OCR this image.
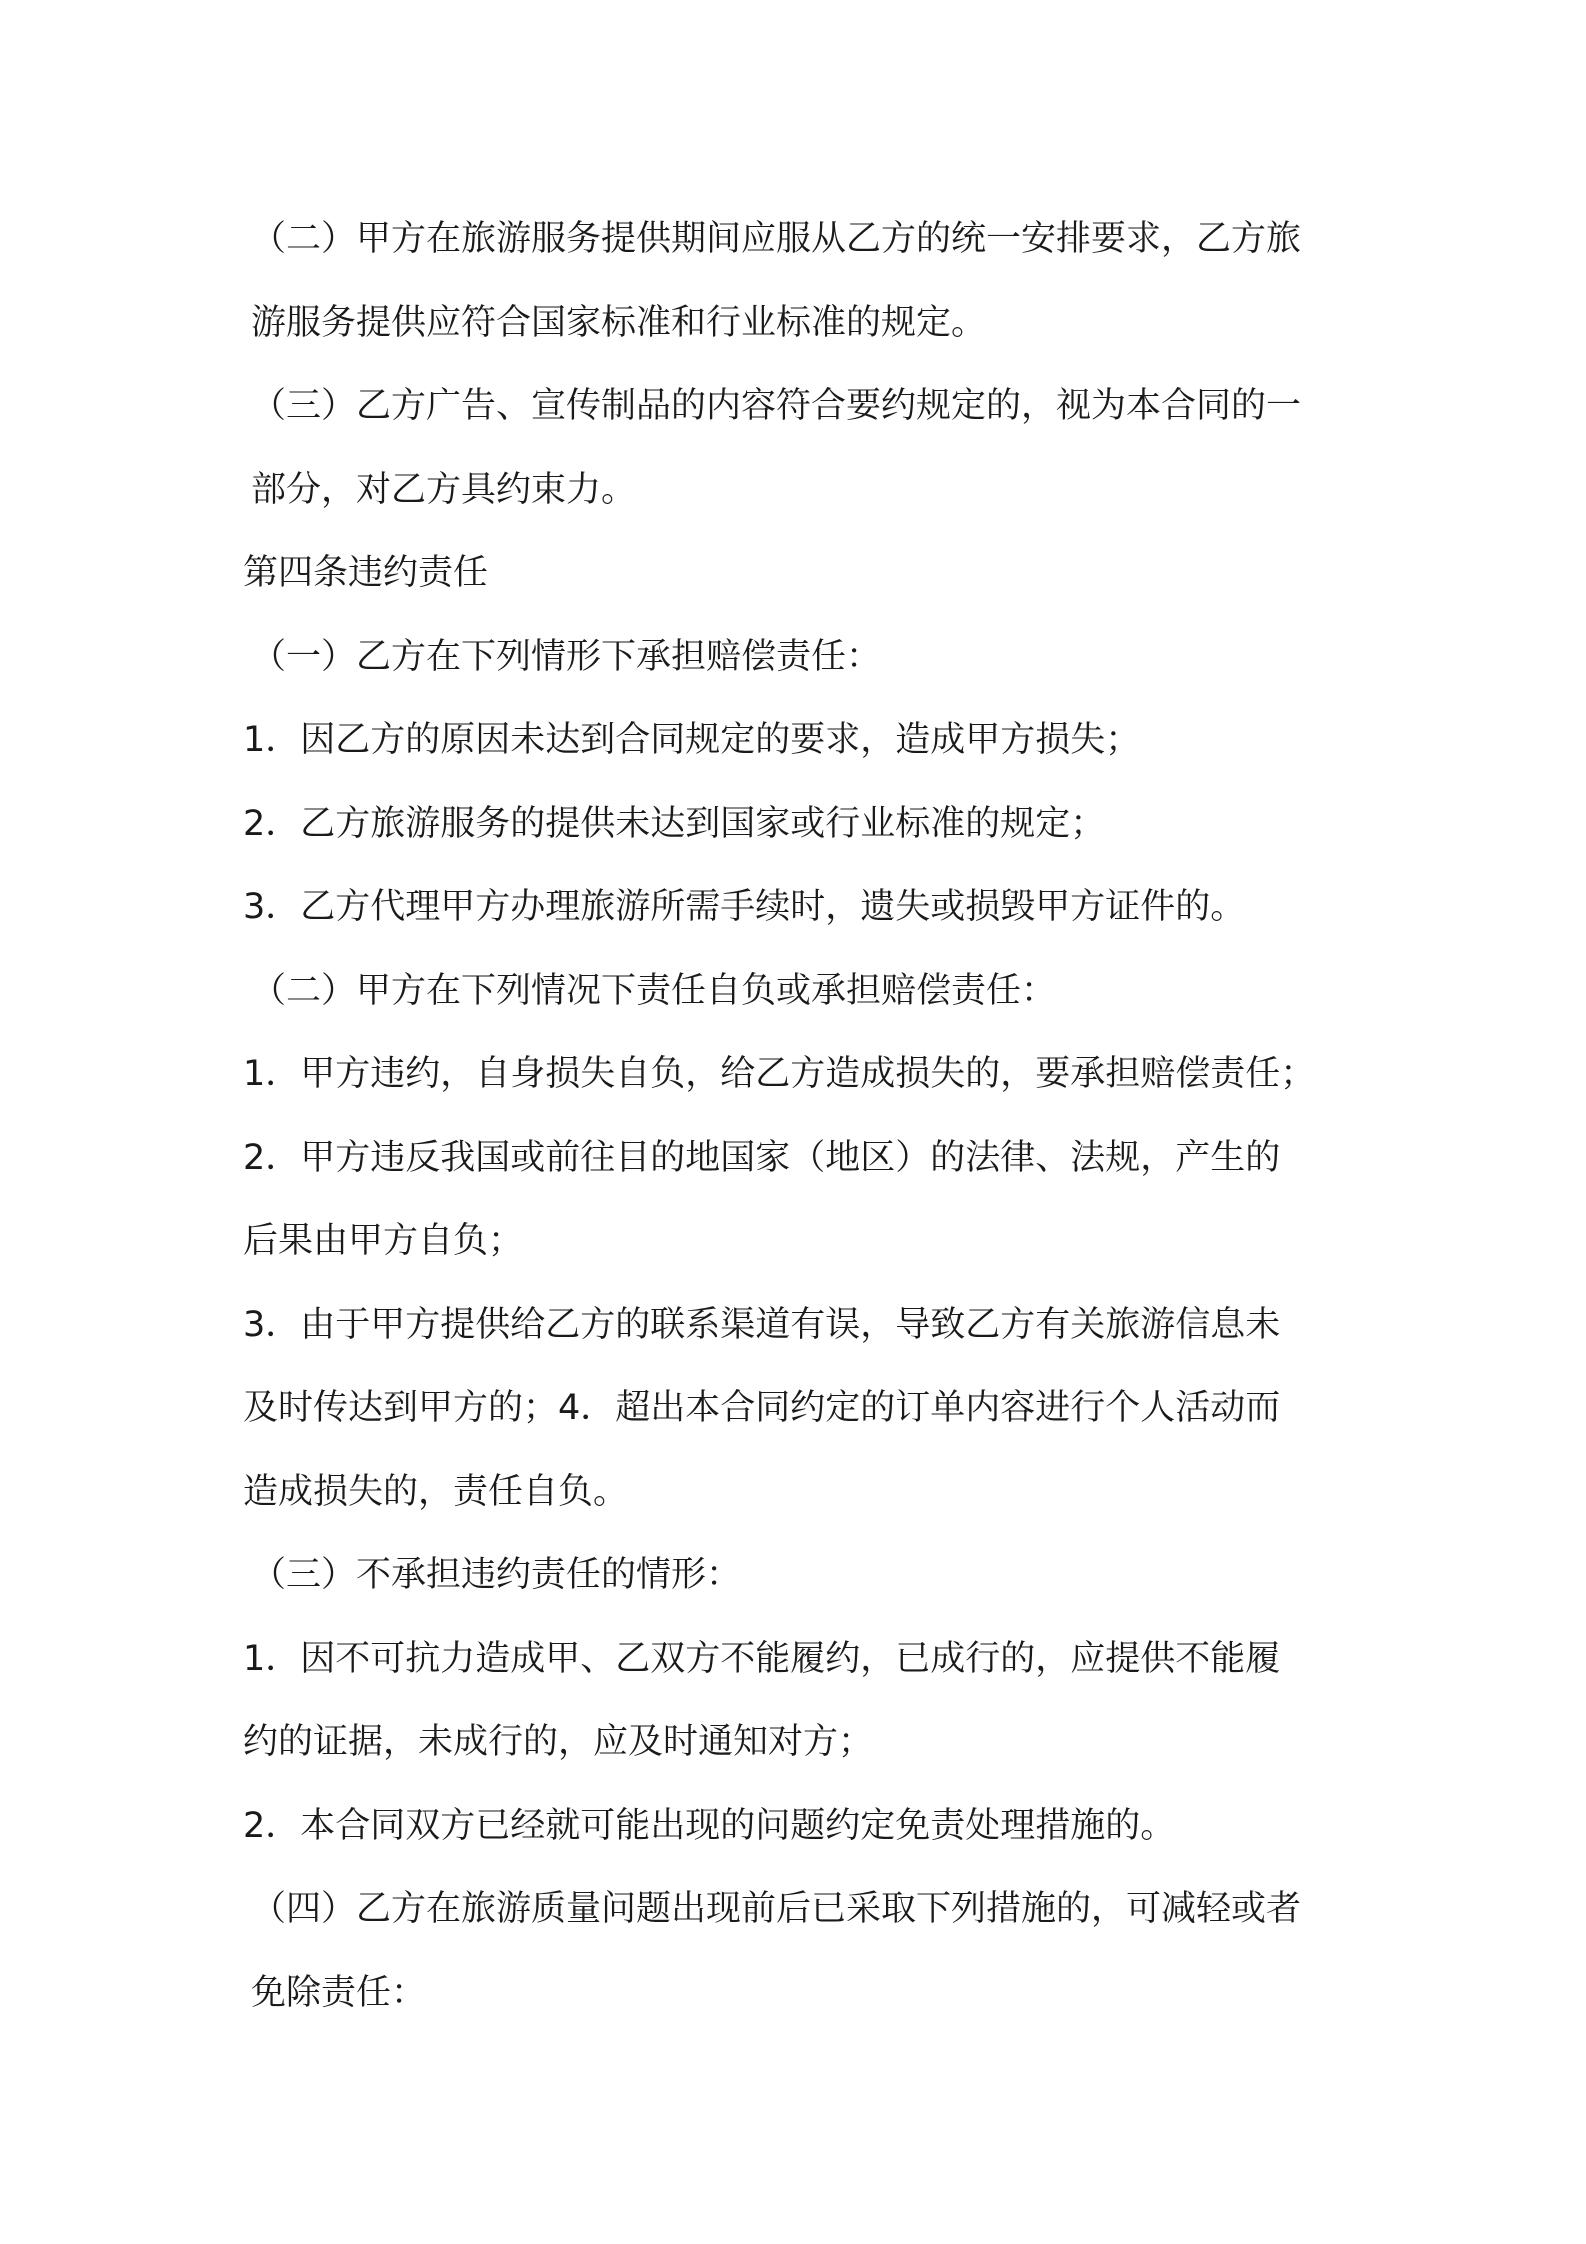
（二）甲方在旅游服务提供期间应服从乙方的统一安排要求，乙方旅
游服务提供应符合国家标准和行业标准的规定。

（三）乙方广告、宣传制品的内容符合要约规定的，视为本合同的一
部分，对乙方具约束力。

第四条违约责任

（一）乙方在下列情形下承担赔偿责任：

1．因乙方的原因未达到合同规定的要求，造成甲方损失；

2．乙方旅游服务的提供未达到国家或行业标准的规定；

3．乙方代理甲方办理旅游所需手续时，遗失或损毁甲方证件的。

（二）甲方在下列情况下责任自负或承担赔偿责任：

1．甲方违约，自身损失自负，给乙方造成损失的，要承担赔偿责任；

2．甲方违反我国或前往目的地国家（地区）的法律、法规，产生的
后果由甲方自负；

3．由于甲方提供给乙方的联系渠道有误，导致乙方有关旅游信息未
及时传达到甲方的；4．超出本合同约定的订单内容进行个人活动而
造成损失的，责任自负。

（三）不承担违约责任的情形：

1．因不可抗力造成甲、乙双方不能履约，已成行的，应提供不能履
约的证据，未成行的，应及时通知对方；

2．本合同双方已经就可能出现的问题约定免责处理措施的。

（四）乙方在旅游质量问题出现前后已采取下列措施的，可减轻或者
免除责任：
